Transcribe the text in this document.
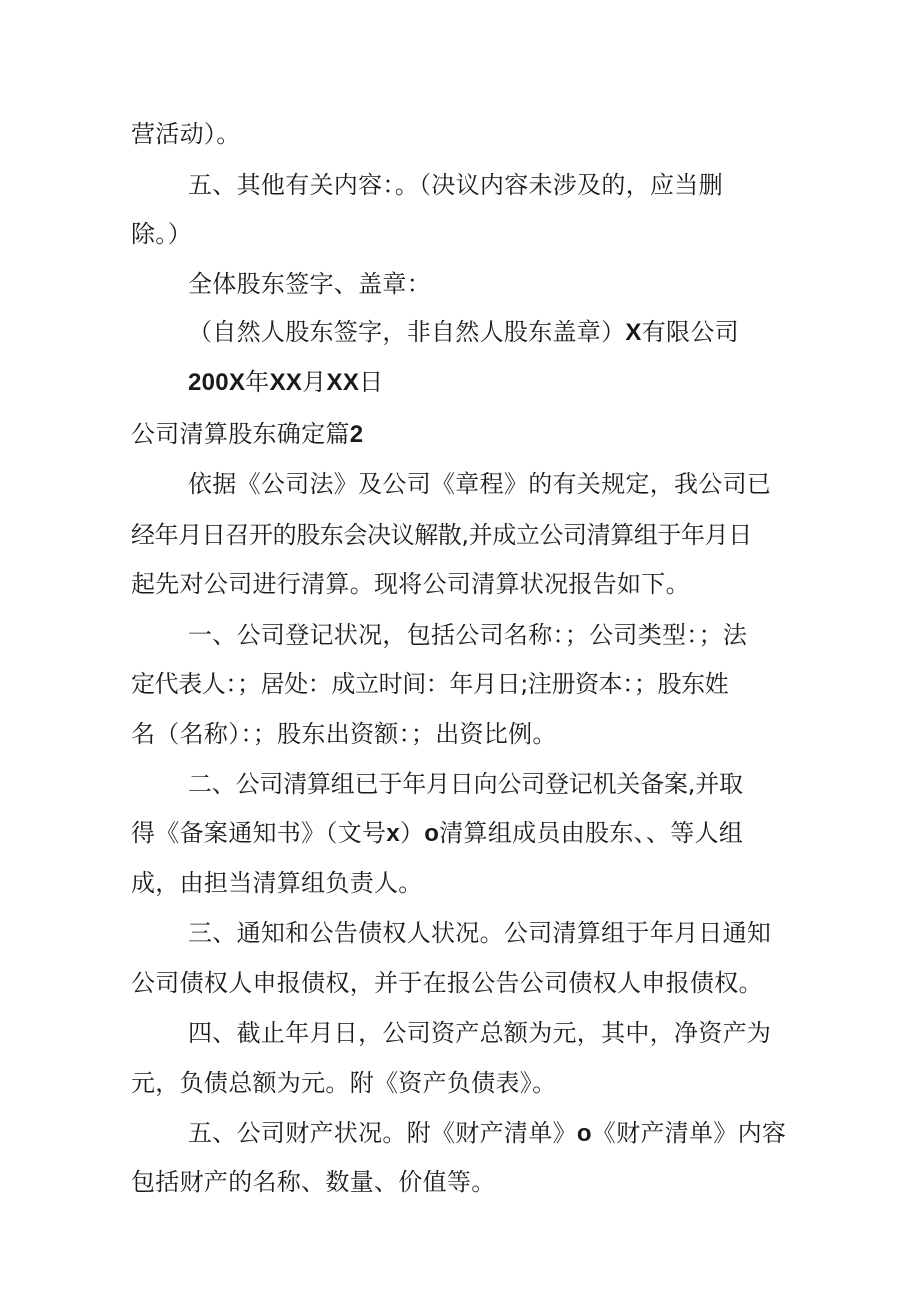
营活动）。

五、其他有关内容：。（决议内容未涉及的，应当删

除。）

全体股东签字、盖章：

（自然人股东签字，非自然人股东盖章）X有限公司

200X年XX月XX日

公司清算股东确定篇2

依据《公司法》及公司《章程》的有关规定，我公司已

经年月日召开的股东会决议解散,并成立公司清算组于年月日

起先对公司进行清算。现将公司清算状况报告如下。

一、公司登记状况，包括公司名称：；公司类型：；法

定代表人：；居处：成立时间：年月日;注册资本：；股东姓

名（名称）：；股东出资额：；出资比例。

二、公司清算组已于年月日向公司登记机关备案,并取

得《备案通知书》（文号x）o清算组成员由股东、、等人组

成，由担当清算组负责人。

三、通知和公告债权人状况。公司清算组于年月日通知

公司债权人申报债权，并于在报公告公司债权人申报债权。

四、截止年月日，公司资产总额为元，其中，净资产为

元，负债总额为元。附《资产负债表》。

五、公司财产状况。附《财产清单》o《财产清单》内容

包括财产的名称、数量、价值等。
